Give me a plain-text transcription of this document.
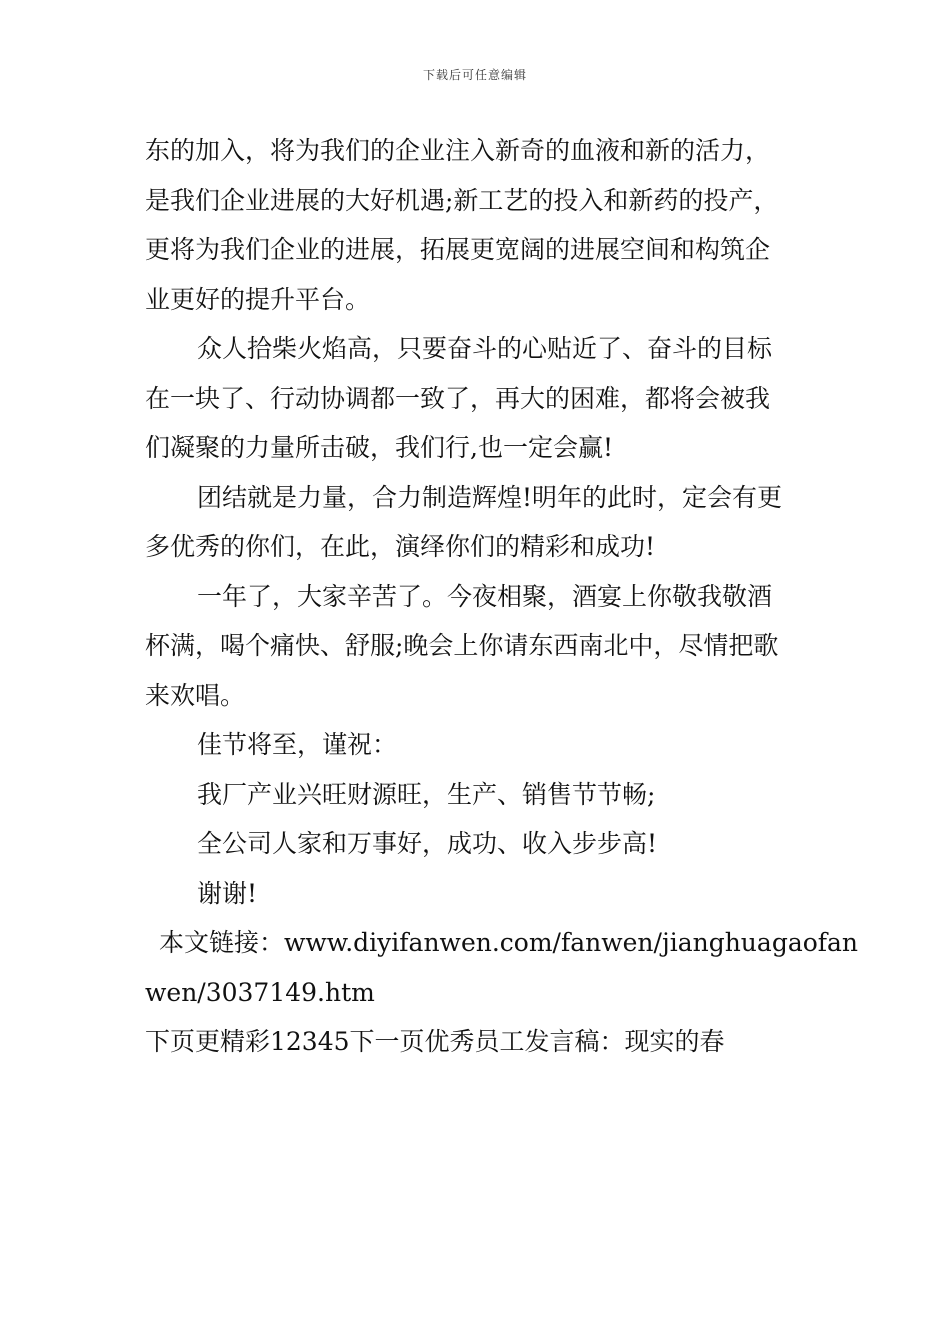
下载后可任意编辑
东的加入，将为我们的企业注入新奇的血液和新的活力，
是我们企业进展的大好机遇;新工艺的投入和新药的投产，
更将为我们企业的进展，拓展更宽阔的进展空间和构筑企
业更好的提升平台。
众人拾柴火焰高，只要奋斗的心贴近了、奋斗的目标
在一块了、行动协调都一致了，再大的困难，都将会被我
们凝聚的力量所击破，我们行,也一定会赢!
团结就是力量，合力制造辉煌!明年的此时，定会有更
多优秀的你们，在此，演绎你们的精彩和成功!
一年了，大家辛苦了。今夜相聚，酒宴上你敬我敬酒
杯满，喝个痛快、舒服;晚会上你请东西南北中，尽情把歌
来欢唱。
佳节将至，谨祝：
我厂产业兴旺财源旺，生产、销售节节畅;
全公司人家和万事好，成功、收入步步高!
谢谢!
本文链接：www.diyifanwen.com/fanwen/jianghuagaofan
wen/3037149.htm
下页更精彩12345下一页优秀员工发言稿：现实的春
